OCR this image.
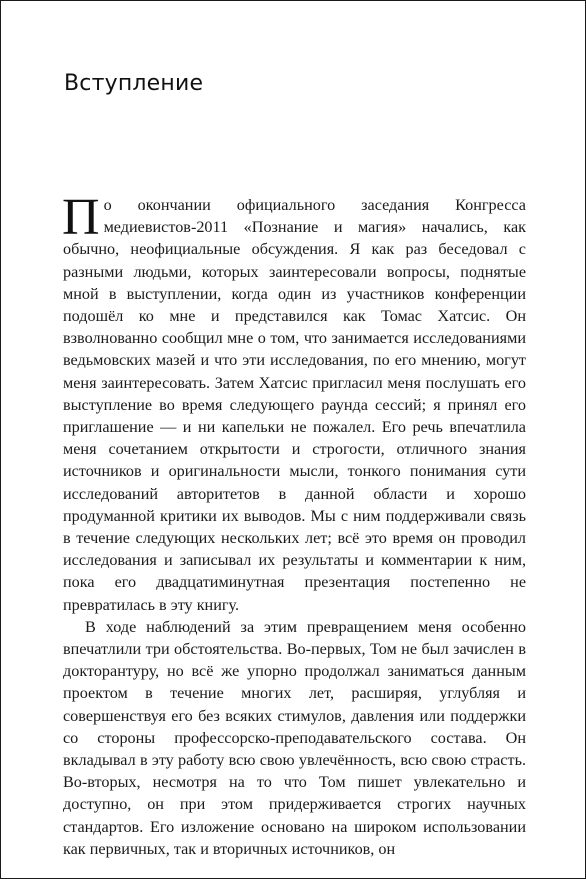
Вступление

По окончании официального заседания Конгресса медиевистов-2011 «Познание и магия» начались, как обычно, неофициальные обсуждения. Я как раз беседовал с разными людьми, которых заинтересовали вопросы, поднятые мной в выступлении, когда один из участников конференции подошёл ко мне и представился как Томас Хатсис. Он взволнованно сообщил мне о том, что занимается исследованиями ведьмовских мазей и что эти исследования, по его мнению, могут меня заинтересовать. Затем Хатсис пригласил меня послушать его выступление во время следующего раунда сессий; я принял его приглашение — и ни капельки не пожалел. Его речь впечатлила меня сочетанием открытости и строгости, отличного знания источников и оригинальности мысли, тонкого понимания сути исследований авторитетов в данной области и хорошо продуманной критики их выводов. Мы с ним поддерживали связь в течение следующих нескольких лет; всё это время он проводил исследования и записывал их результаты и комментарии к ним, пока его двадцатиминутная презентация постепенно не превратилась в эту книгу.

В ходе наблюдений за этим превращением меня особенно впечатлили три обстоятельства. Во-первых, Том не был зачислен в докторантуру, но всё же упорно продолжал заниматься данным проектом в течение многих лет, расширяя, углубляя и совершенствуя его без всяких стимулов, давления или поддержки со стороны профессорско-преподавательского состава. Он вкладывал в эту работу всю свою увлечённость, всю свою страсть. Во-вторых, несмотря на то что Том пишет увлекательно и доступно, он при этом придерживается строгих научных стандартов. Его изложение основано на широком использовании как первичных, так и вторичных источников, он
